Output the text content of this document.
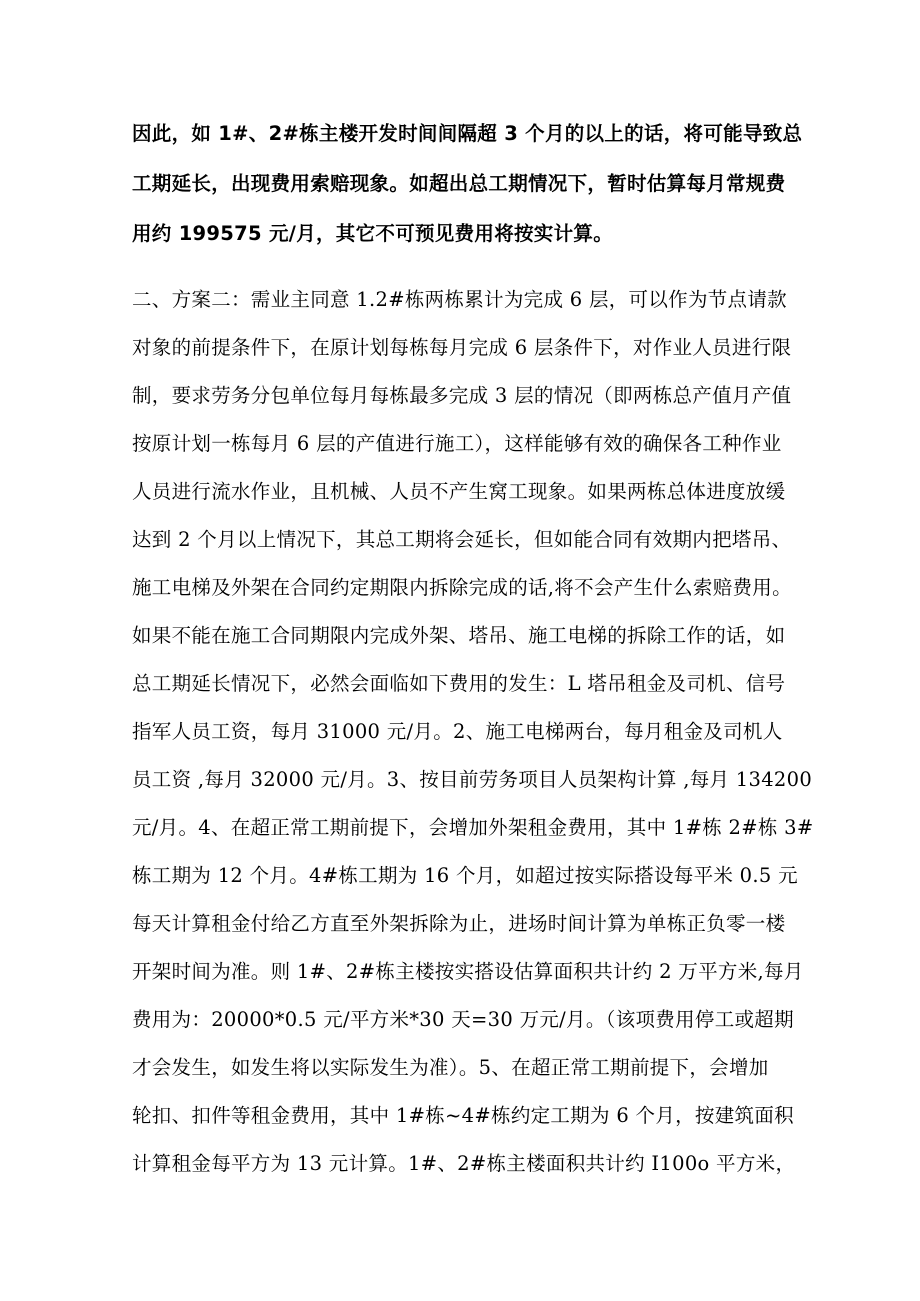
因此，如 1#、2#栋主楼开发时间间隔超 3 个月的以上的话，将可能导致总
工期延长，出现费用索赔现象。如超出总工期情况下，暂时估算每月常规费
用约 199575 元/月，其它不可预见费用将按实计算。
二、方案二：需业主同意 1.2#栋两栋累计为完成 6 层，可以作为节点请款
对象的前提条件下，在原计划每栋每月完成 6 层条件下，对作业人员进行限
制，要求劳务分包单位每月每栋最多完成 3 层的情况（即两栋总产值月产值
按原计划一栋每月 6 层的产值进行施工），这样能够有效的确保各工种作业
人员进行流水作业，且机械、人员不产生窝工现象。如果两栋总体进度放缓
达到 2 个月以上情况下，其总工期将会延长，但如能合同有效期内把塔吊、
施工电梯及外架在合同约定期限内拆除完成的话,将不会产生什么索赔费用。
如果不能在施工合同期限内完成外架、塔吊、施工电梯的拆除工作的话，如
总工期延长情况下，必然会面临如下费用的发生：L 塔吊租金及司机、信号
指军人员工资，每月 31000 元/月。2、施工电梯两台，每月租金及司机人
员工资 ,每月 32000 元/月。3、按目前劳务项目人员架构计算 ,每月 134200
元/月。4、在超正常工期前提下，会增加外架租金费用，其中 1#栋 2#栋 3#
栋工期为 12 个月。4#栋工期为 16 个月，如超过按实际搭设每平米 0.5 元
每天计算租金付给乙方直至外架拆除为止，进场时间计算为单栋正负零一楼
开架时间为准。则 1#、2#栋主楼按实搭设估算面积共计约 2 万平方米,每月
费用为：20000*0.5 元/平方米*30 天=30 万元/月。（该项费用停工或超期
才会发生，如发生将以实际发生为准）。5、在超正常工期前提下，会增加
轮扣、扣件等租金费用，其中 1#栋~4#栋约定工期为 6 个月，按建筑面积
计算租金每平方为 13 元计算。1#、2#栋主楼面积共计约 I100o 平方米，
